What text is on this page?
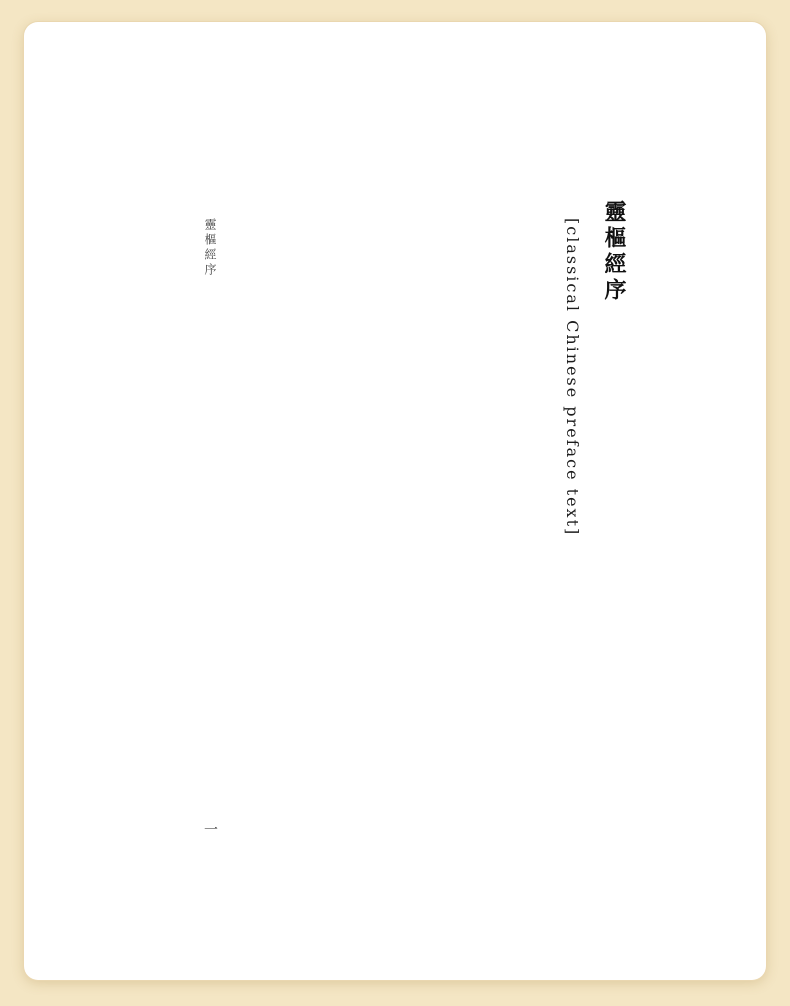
靈樞經序
[classical Chinese preface text]
靈樞經序
一
